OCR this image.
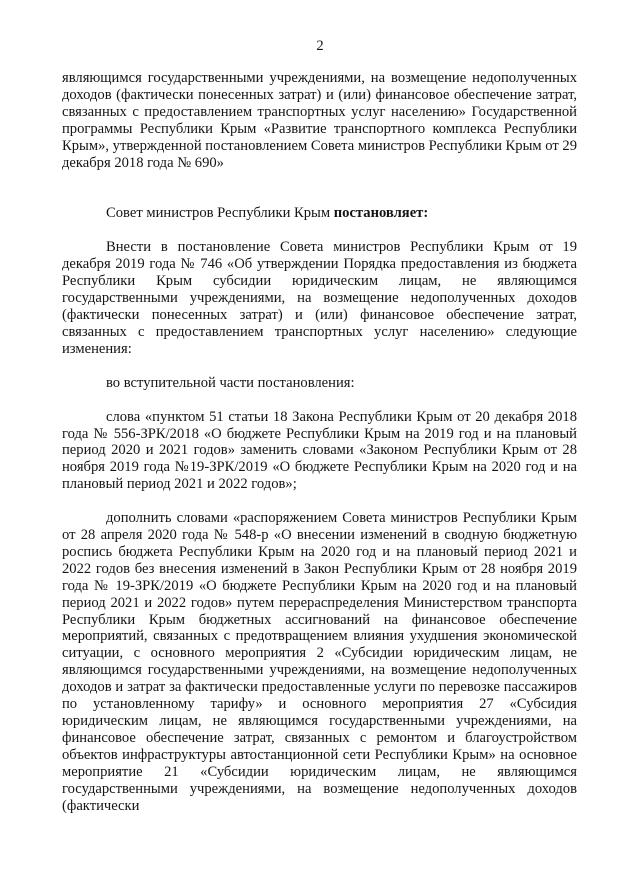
2

являющимся государственными учреждениями, на возмещение недополученных доходов (фактически понесенных затрат) и (или) финансовое обеспечение затрат, связанных с предоставлением транспортных услуг населению» Государственной программы Республики Крым «Развитие транспортного комплекса Республики Крым», утвержденной постановлением Совета министров Республики Крым от 29 декабря 2018 года № 690»

Совет министров Республики Крым постановляет:

Внести в постановление Совета министров Республики Крым от 19 декабря 2019 года № 746 «Об утверждении Порядка предоставления из бюджета Республики Крым субсидии юридическим лицам, не являющимся государственными учреждениями, на возмещение недополученных доходов (фактически понесенных затрат) и (или) финансовое обеспечение затрат, связанных с предоставлением транспортных услуг населению» следующие изменения:

во вступительной части постановления:

слова «пунктом 51 статьи 18 Закона Республики Крым от 20 декабря 2018 года № 556-ЗРК/2018 «О бюджете Республики Крым на 2019 год и на плановый период 2020 и 2021 годов» заменить словами «Законом Республики Крым от 28 ноября 2019 года №19-ЗРК/2019 «О бюджете Республики Крым на 2020 год и на плановый период 2021 и 2022 годов»;

дополнить словами «распоряжением Совета министров Республики Крым от 28 апреля 2020 года № 548-р «О внесении изменений в сводную бюджетную роспись бюджета Республики Крым на 2020 год и на плановый период 2021 и 2022 годов без внесения изменений в Закон Республики Крым от 28 ноября 2019 года № 19-ЗРК/2019 «О бюджете Республики Крым на 2020 год и на плановый период 2021 и 2022 годов» путем перераспределения Министерством транспорта Республики Крым бюджетных ассигнований на финансовое обеспечение мероприятий, связанных с предотвращением влияния ухудшения экономической ситуации, с основного мероприятия 2 «Субсидии юридическим лицам, не являющимся государственными учреждениями, на возмещение недополученных доходов и затрат за фактически предоставленные услуги по перевозке пассажиров по установленному тарифу» и основного мероприятия 27 «Субсидия юридическим лицам, не являющимся государственными учреждениями, на финансовое обеспечение затрат, связанных с ремонтом и благоустройством объектов инфраструктуры автостанционной сети Республики Крым» на основное мероприятие 21 «Субсидии юридическим лицам, не являющимся государственными учреждениями, на возмещение недополученных доходов (фактически
